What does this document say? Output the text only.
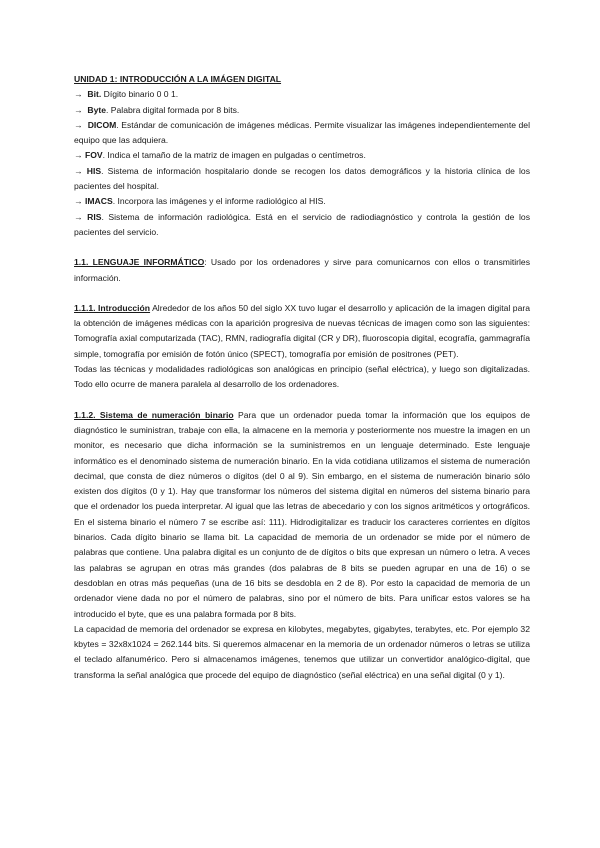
UNIDAD 1: INTRODUCCIÓN A LA IMÁGEN DIGITAL

→ Bit. Dígito binario 0 0 1.

→ Byte. Palabra digital formada por 8 bits.

→ DICOM. Estándar de comunicación de imágenes médicas. Permite visualizar las imágenes independientemente del equipo que las adquiera.

→ FOV. Indica el tamaño de la matriz de imagen en pulgadas o centímetros.

→ HIS. Sistema de información hospitalario donde se recogen los datos demográficos y la historia clínica de los pacientes del hospital.

→ IMACS. Incorpora las imágenes y el informe radiológico al HIS.

→ RIS. Sistema de información radiológica. Está en el servicio de radiodiagnóstico y controla la gestión de los pacientes del servicio.

1.1. LENGUAJE INFORMÁTICO: Usado por los ordenadores y sirve para comunicarnos con ellos o transmitirles información.

1.1.1. Introducción Alrededor de los años 50 del siglo XX tuvo lugar el desarrollo y aplicación de la imagen digital para la obtención de imágenes médicas con la aparición progresiva de nuevas técnicas de imagen como son las siguientes: Tomografía axial computarizada (TAC), RMN, radiografía digital (CR y DR), fluoroscopia digital, ecografía, gammagrafía simple, tomografía por emisión de fotón único (SPECT), tomografía por emisión de positrones (PET).

Todas las técnicas y modalidades radiológicas son analógicas en principio (señal eléctrica), y luego son digitalizadas. Todo ello ocurre de manera paralela al desarrollo de los ordenadores.

1.1.2. Sistema de numeración binario Para que un ordenador pueda tomar la información que los equipos de diagnóstico le suministran, trabaje con ella, la almacene en la memoria y posteriormente nos muestre la imagen en un monitor, es necesario que dicha información se la suministremos en un lenguaje determinado. Este lenguaje informático es el denominado sistema de numeración binario. En la vida cotidiana utilizamos el sistema de numeración decimal, que consta de diez números o dígitos (del 0 al 9). Sin embargo, en el sistema de numeración binario sólo existen dos dígitos (0 y 1). Hay que transformar los números del sistema digital en números del sistema binario para que el ordenador los pueda interpretar. Al igual que las letras de abecedario y con los signos aritméticos y ortográficos. En el sistema binario el número 7 se escribe así: 111). Hidrodigitalizar es traducir los caracteres corrientes en dígitos binarios. Cada dígito binario se llama bit. La capacidad de memoria de un ordenador se mide por el número de palabras que contiene. Una palabra digital es un conjunto de de dígitos o bits que expresan un número o letra. A veces las palabras se agrupan en otras más grandes (dos palabras de 8 bits se pueden agrupar en una de 16) o se desdoblan en otras más pequeñas (una de 16 bits se desdobla en 2 de 8). Por esto la capacidad de memoria de un ordenador viene dada no por el número de palabras, sino por el número de bits. Para unificar estos valores se ha introducido el byte, que es una palabra formada por 8 bits.

La capacidad de memoria del ordenador se expresa en kilobytes, megabytes, gigabytes, terabytes, etc. Por ejemplo 32 kbytes = 32x8x1024 = 262.144 bits. Si queremos almacenar en la memoria de un ordenador números o letras se utiliza el teclado alfanumérico. Pero si almacenamos imágenes, tenemos que utilizar un convertidor analógico-digital, que transforma la señal analógica que procede del equipo de diagnóstico (señal eléctrica) en una señal digital (0 y 1).
